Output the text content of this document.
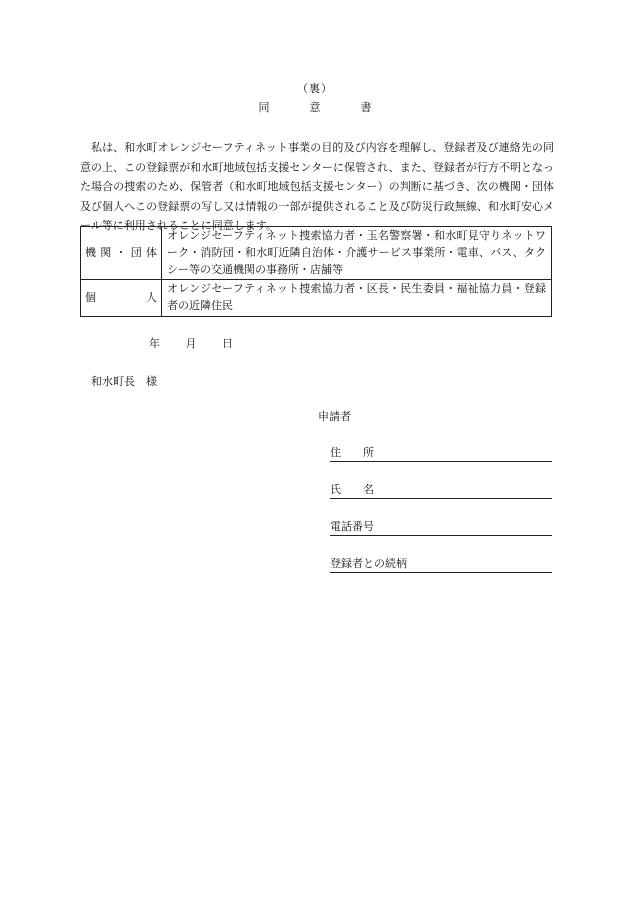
（裏）
同意書
私は、和水町オレンジセーフティネット事業の目的及び内容を理解し、登録者及び連絡先の同意の上、この登録票が和水町地域包括支援センターに保管され、また、登録者が行方不明となった場合の捜索のため、保管者（和水町地域包括支援センター）の判断に基づき、次の機関・団体及び個人へこの登録票の写し又は情報の一部が提供されること及び防災行政無線、和水町安心メール等に利用されることに同意します。
機 関 ・ 団 体	オレンジセーフティネット捜索協力者・玉名警察署・和水町見守りネットワーク・消防団・和水町近隣自治体・介護サービス事業所・電車、バス、タクシー等の交通機関の事務所・店舗等

個 人	オレンジセーフティネット捜索協力者・区長・民生委員・福祉協力員・登録者の近隣住民
年 月 日
和水町長　様
申請者
住　　所
氏　　名
電話番号
登録者との続柄
